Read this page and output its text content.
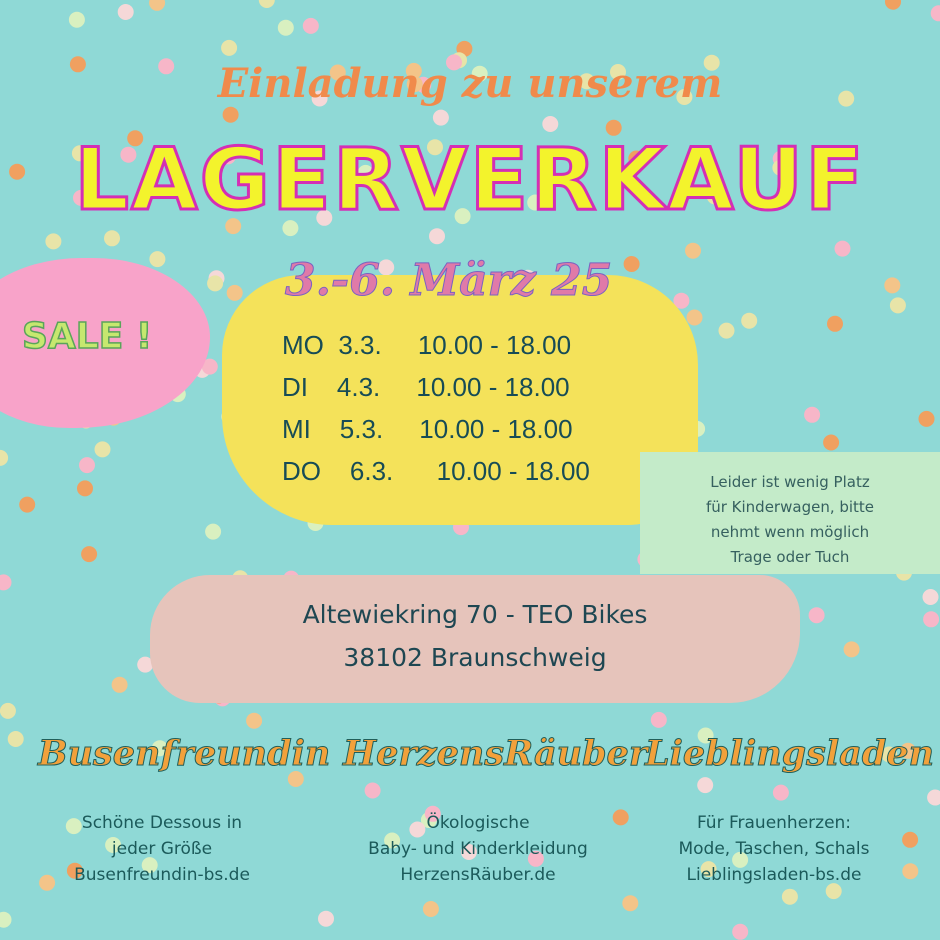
Einladung zu unserem
LAGERVERKAUF
SALE !
3.-6. März 25
MO 3.3. 10.00 - 18.00
DI 4.3. 10.00 - 18.00
MI 5.3. 10.00 - 18.00
DO 6.3. 10.00 - 18.00	Leider ist wenig Platz
für Kinderwagen, bitte
nehmt wenn möglich
Trage oder Tuch
Altewiekring 70 - TEO Bikes
38102 Braunschweig
Busenfreundin HerzensRäuber
Lieblingsladen
Schöne Dessous in
jeder Größe
Busenfreundin-bs.de
Ökologische
Baby- und Kinderkleidung
HerzensRäuber.de
Für Frauenherzen:
Mode, Taschen, Schals
Lieblingsladen-bs.de
